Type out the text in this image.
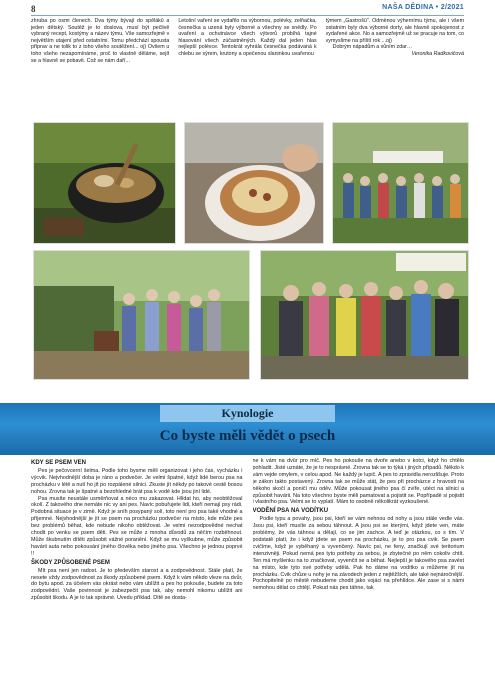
8	NAŠA DĚDINA • 2/2021

zhruba po osmi členech. Dva týmy bývají do spěláků a jeden dětský. Soutěž je to doslova, musí být pečlivě vybraný recept, kostýmy a název týmu. Vše samozřejmě v největším utajení před ostatními. Tomu předchází spousta příprav a ne tolik to z toho všeho soutěžení... oj) Ovšem u toho všeho nezapomínáme, proč to vlastně děláme, sejít se a hlavně se pobavit. Což se nám daří...

Letošní vaření se vydařilo na výbornou, polévky, zelňačka, česnečka a uzená byly výborné a všechny se snědly. Po uvaření a ochutnávce všech výtvorů probíhá tajné hlasování všech zúčastněných. Každý dal jeden hlas nejlepší polévce. Tentokrát vyhrála česnečka podávaná k chlebu se sýrem, krutony a opečenou slaninkou uvařenou

týmem „Gastrošů". Odměnou výhernímu týmu, ale i všem ostatním byly dva výborné dorty, ale hlavně spokojenost z vydařené akce. No a samozřejmě už se pracuje na tom, co vymyslíme na příští rok ...oj)

Dobrým nápadům a vůním zdar…

Veronika Radkovičová

Kynologie
Co byste měli vědět o psech
KDY SE PSEM VEN

Pes je pečovcerní šelma. Podle toho bysme měli organizovat i jeho čas, vycházku i výcvik. Nejvhodnější doba je ráno a podvečer. Je velmi špatné, když lidé berou psa na procházku v létě a nutí ho jít po rozpálené silnici. Zkuste jít někdy po takové cestě bosou nohou. Zrovna tak je špatné a bezohledné brát psa k vodě kde jsou jiní lidé.

Psa musíte neustále usměrňovat a nécо mu zakazovat. Hlídat ho, aby neobtěžoval okolí. Z takového dne nemáte nic vy ani pes. Navíc pobuřujete lidi, kteří nemají psy rádi. Podobná situace je v zimě. Když je sníh posypaný solí, toto není pro psa také vhodné a příjemné. Nejvhodnější je jít se psem na procházku podvečer na místo, kde může pes bez problémů běhat, kde nebude nikoho obtěžovat. Je velmi nezodpovědné nechat chodit po venku se psem děti. Pes se může z mnoha důvodů za něčím rozběhnout. Může škubnutím dítěti způsobit vážné poranění. Když se mu vyškubne, může způsobit havárii auta nebo pokousání jiného člověka nebo jiného psa. Všechno je jednou poprvé !!

ŠKODY ZPŮSOBENÉ PSEM

Mít psa není jen radost. Je to především starost a a zodpovědnost. Stále platí, že nesete vždy zodpovědnost za škody způsobené psem. Když k vám někdo vleze na dvůr, do bytu apod. za účelem vás okrást nebo vám ublížit a pes ho pokouše, budete za toto zodpovědní. Vaše povinnost je zabezpečit psa tak, aby nemohl nikomu ublížit ani způsobit škodu. A je to tak správné. Uvedu příklad. Dítě se dosta-

ne k vám na dvůr pro míč. Pes ho pokouše na dvoře anebo v kotci, když ho chtělo pohladit. Jisté uznáte, že je to nesprávné. Zrovna tak se to týká i jiných případů. Někdo k vám vejde omylem, v celou apod. Ne každý je lupič. A pes to zpravidla nerozlišuje. Proto je zákon takto postavený. Zrovna tak se může stát, že pes při procházce z hravosti na někoho skočí a poničí mu oděv. Může pokousat jiného psa či zvíře, utéct na silnici a způsobit havárii. Na toto všechno byste měli pamatovat a pojistit se. Popřípadě si pojistit i vlastního psa. Velmi se to vyplatí. Mám to osobně několikrát vyzkoušené.

VODĚNÍ PSA NA VODÍTKU

Podle typu a povahy, jsou psi, kteří se vám nehnou od nohy a jsou stále vedle vás. Jsou psi, kteří musíte za sebou táhnout. A jsou psi se kterými, když jdete ven, máte problémy, že vás táhnou a dělají, co se jim zachce. A teď je otázkou, co s tím. V podstatě platí, že i když jdete se psem na procházku, je to pro psa cvik. Se psem cvičíme, když je vyběhaný a vyvenčený. Navíc psi, ne feny, značkují své teritorium intenzivněji. Pokud nemá pes tyto potřeby za sebou, je zbytečné po něm cokoliv chtít. Ten má myšlenku na to značkovat, vyvenčit se a běhat. Nejlepší je takového psa zavést na místo, kde tyto své potřeby udělá. Pak ho dáme na vodítko a můžeme jít na procházku. Cvik chůze u nohy je na závodech jeden z nejtěžších, ale také nejnáročnější. Pochopitelně po městě nebudeme chodit jako vojáci na přehlídce. Ale zase si s námi nemohou dělat co chtějí. Pokud nás pes táhne, tak
